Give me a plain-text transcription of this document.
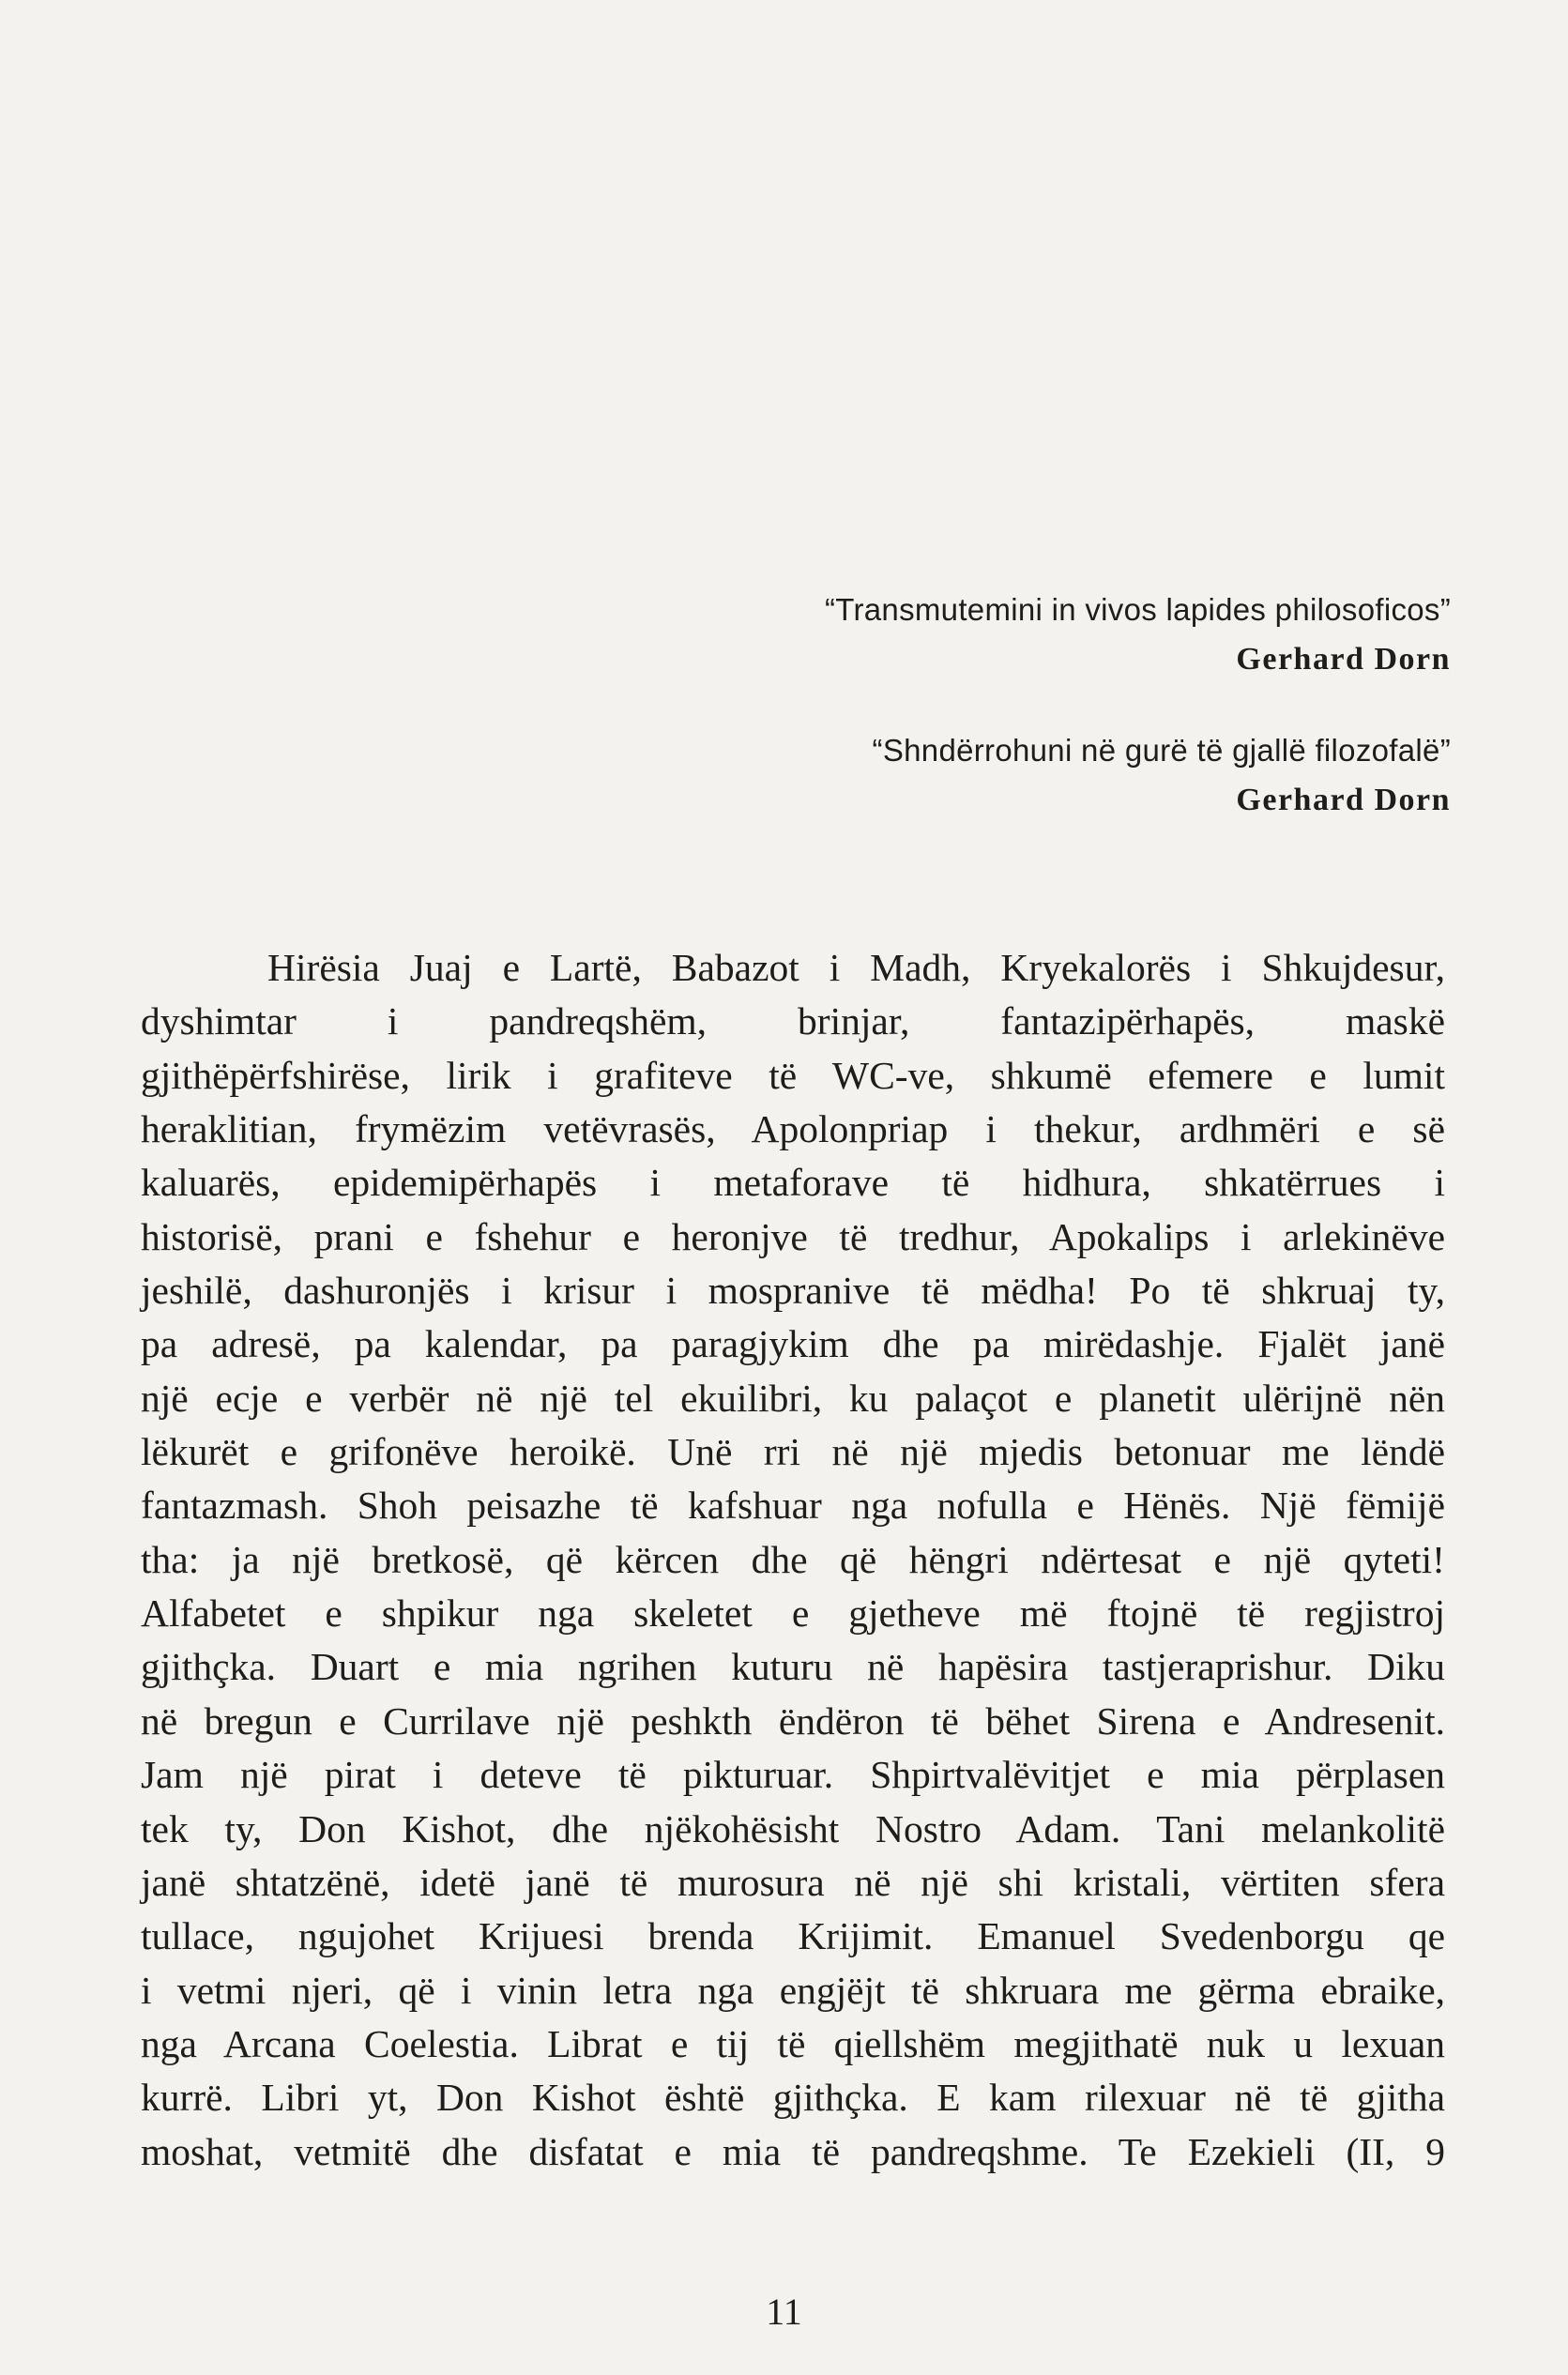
“Transmutemini in vivos lapides philosoficos”
Gerhard Dorn
“Shndërrohuni në gurë të gjallë filozofalë”
Gerhard Dorn
Hirësia Juaj e Lartë, Babazot i Madh, Kryekalorës i Shkujdesur,
dyshimtar i pandreqshëm, brinjar, fantazipërhapës, maskë
gjithëpërfshirëse, lirik i grafiteve të WC-ve, shkumë efemere e lumit
heraklitian, frymëzim vetëvrasës, Apolonpriap i thekur, ardhmëri e së
kaluarës, epidemipërhapës i metaforave të hidhura, shkatërrues i
historisë, prani e fshehur e heronjve të tredhur, Apokalips i arlekinëve
jeshilë, dashuronjës i krisur i mospranive të mëdha! Po të shkruaj ty,
pa adresë, pa kalendar, pa paragjykim dhe pa mirëdashje. Fjalët janë
një ecje e verbër në një tel ekuilibri, ku palaçot e planetit ulërijnë nën
lëkurët e grifonëve heroikë. Unë rri në një mjedis betonuar me lëndë
fantazmash. Shoh peisazhe të kafshuar nga nofulla e Hënës. Një fëmijë
tha: ja një bretkosë, që kërcen dhe që hëngri ndërtesat e një qyteti!
Alfabetet e shpikur nga skeletet e gjetheve më ftojnë të regjistroj
gjithçka. Duart e mia ngrihen kuturu në hapësira tastjeraprishur. Diku
në bregun e Currilave një peshkth ëndëron të bëhet Sirena e Andresenit.
Jam një pirat i deteve të pikturuar. Shpirtvalëvitjet e mia përplasen
tek ty, Don Kishot, dhe njëkohësisht Nostro Adam. Tani melankolitë
janë shtatzënë, idetë janë të murosura në një shi kristali, vërtiten sfera
tullace, ngujohet Krijuesi brenda Krijimit. Emanuel Svedenborgu qe
i vetmi njeri, që i vinin letra nga engjëjt të shkruara me gërma ebraike,
nga Arcana Coelestia. Librat e tij të qiellshëm megjithatë nuk u lexuan
kurrë. Libri yt, Don Kishot është gjithçka. E kam rilexuar në të gjitha
moshat, vetmitë dhe disfatat e mia të pandreqshme. Te Ezekieli (II, 9
11
